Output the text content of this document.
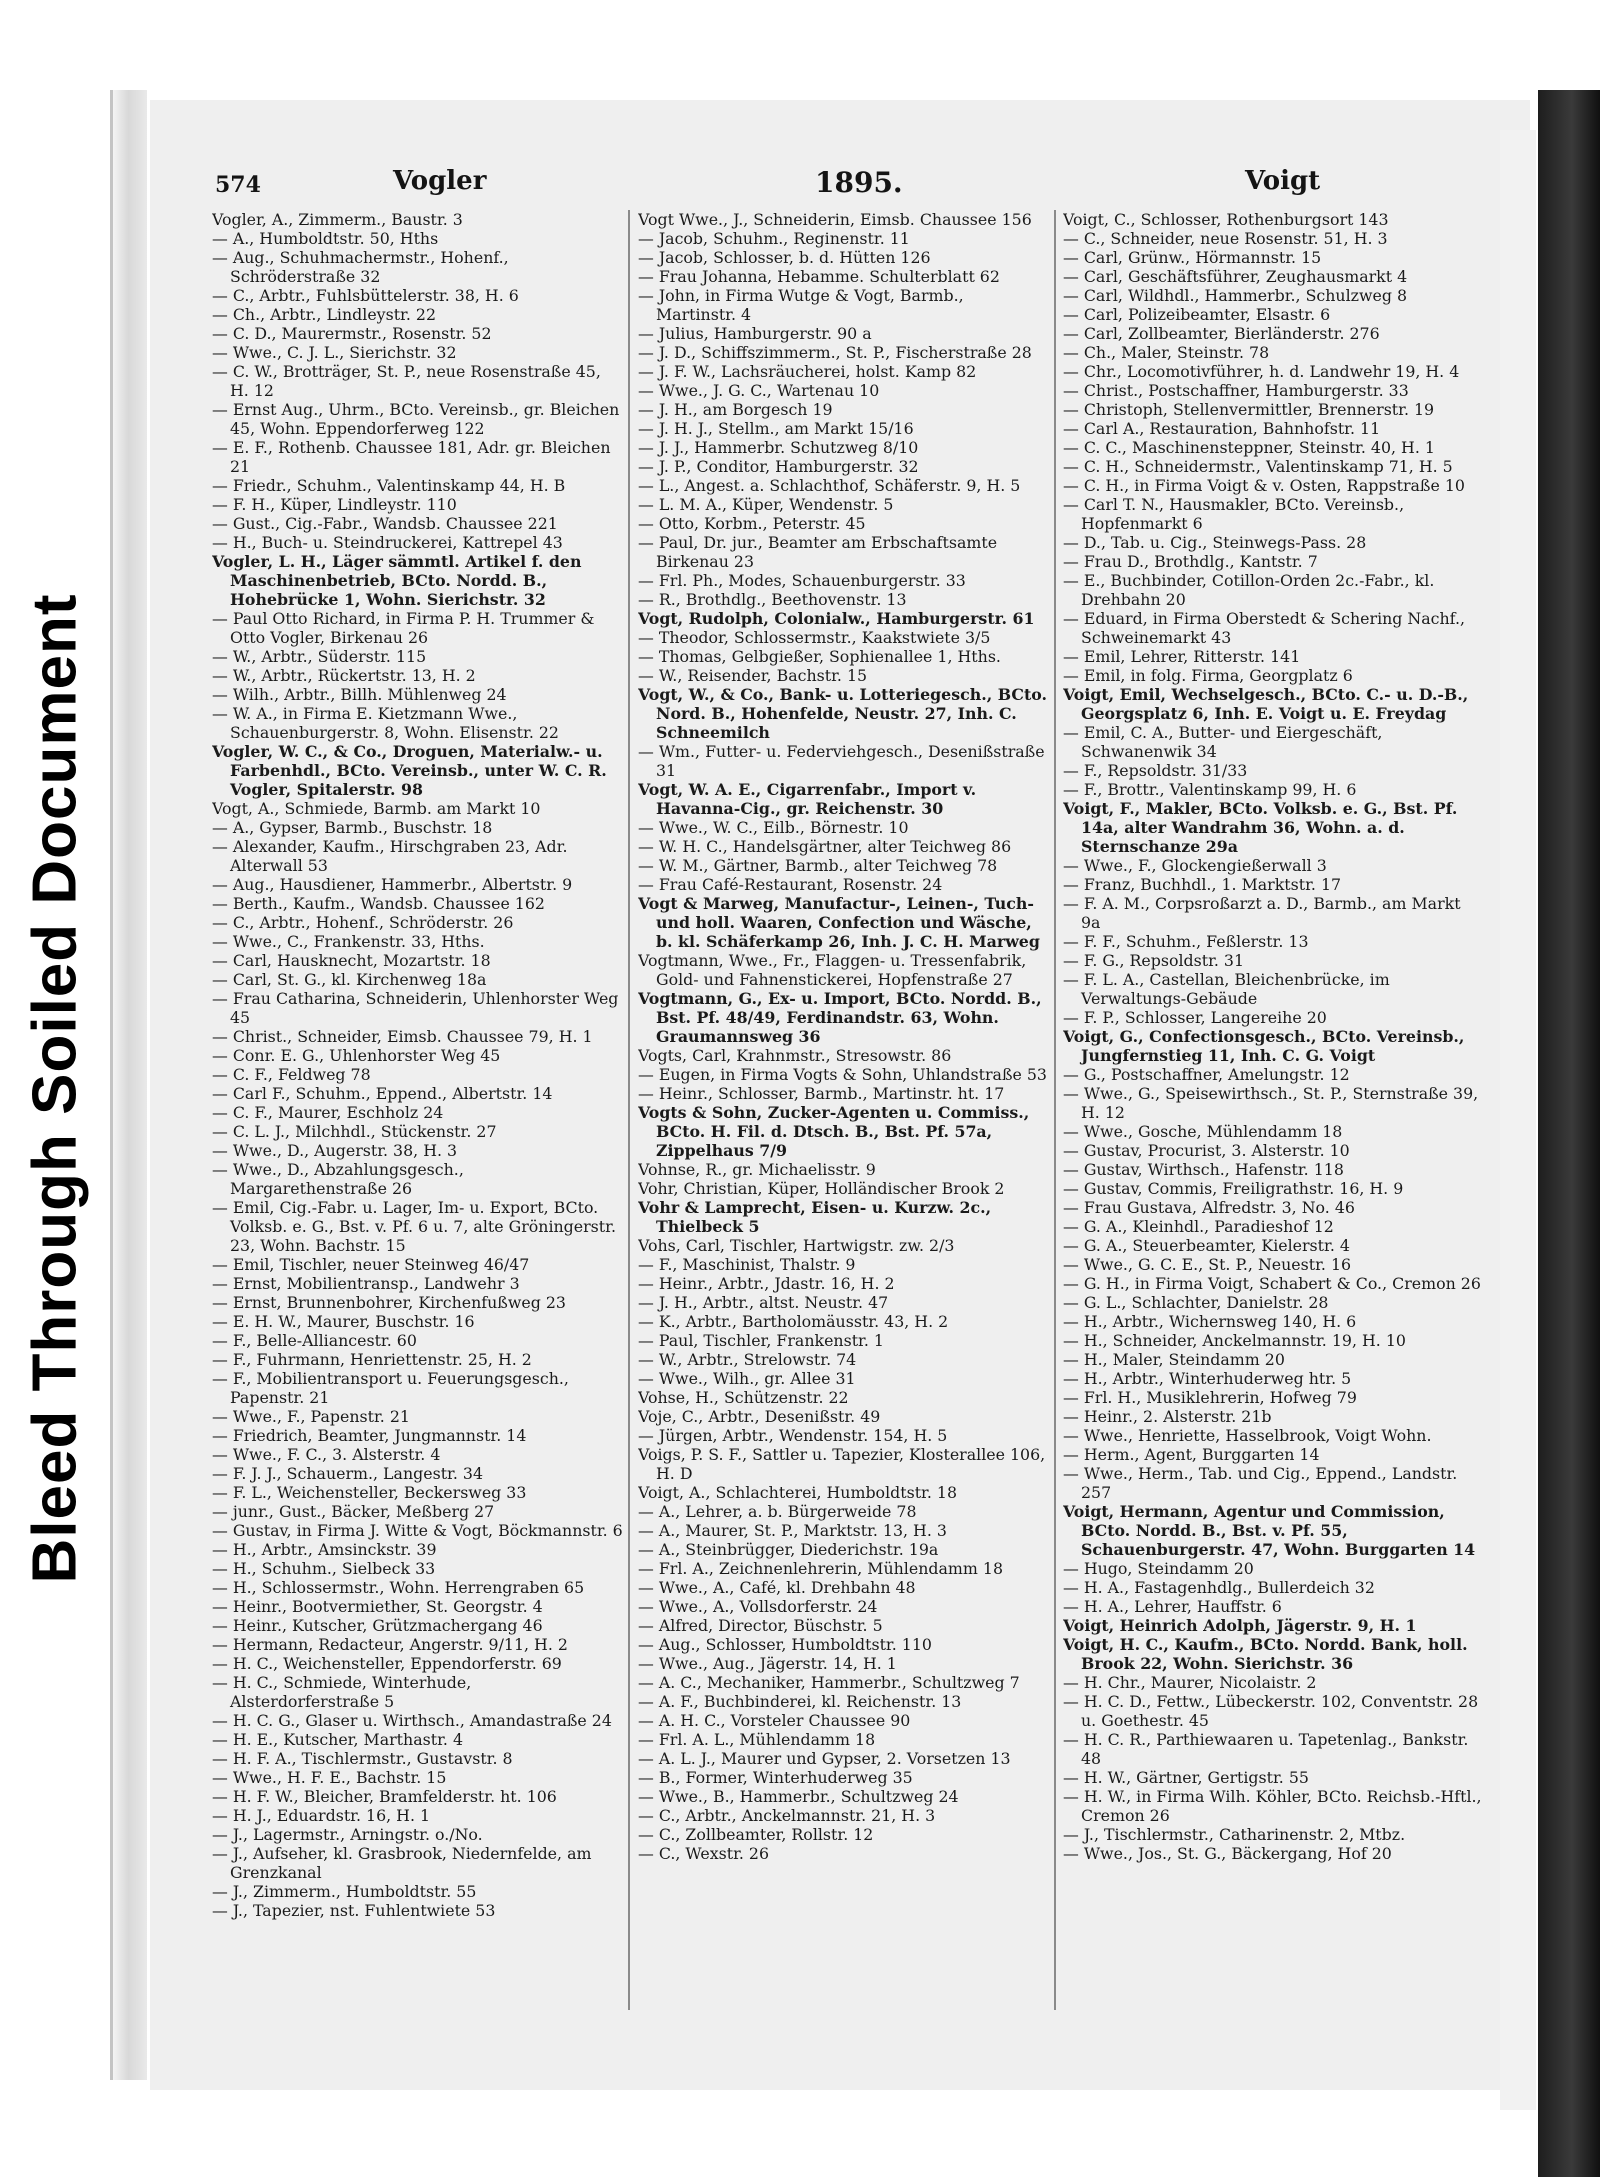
Bleed Through Soiled Document
574	Vogler	1895.	Voigt

Vogler, A., Zimmerm., Baustr. 3

— A., Humboldtstr. 50, Hths

— Aug., Schuhmachermstr., Hohenf., Schröderstraße 32

— C., Arbtr., Fuhlsbüttelerstr. 38, H. 6

— Ch., Arbtr., Lindleystr. 22

— C. D., Maurermstr., Rosenstr. 52

— Wwe., C. J. L., Sierichstr. 32

— C. W., Brotträger, St. P., neue Rosenstraße 45, H. 12

— Ernst Aug., Uhrm., BCto. Vereinsb., gr. Bleichen 45, Wohn. Eppendorferweg 122

— E. F., Rothenb. Chaussee 181, Adr. gr. Bleichen 21

— Friedr., Schuhm., Valentinskamp 44, H. B

— F. H., Küper, Lindleystr. 110

— Gust., Cig.-Fabr., Wandsb. Chaussee 221

— H., Buch- u. Steindruckerei, Kattrepel 43

Vogler, L. H., Läger sämmtl. Artikel f. den Maschinenbetrieb, BCto. Nordd. B., Hohebrücke 1, Wohn. Sierichstr. 32

— Paul Otto Richard, in Firma P. H. Trummer & Otto Vogler, Birkenau 26

— W., Arbtr., Süderstr. 115

— W., Arbtr., Rückertstr. 13, H. 2

— Wilh., Arbtr., Billh. Mühlenweg 24

— W. A., in Firma E. Kietzmann Wwe., Schauenburgerstr. 8, Wohn. Elisenstr. 22

Vogler, W. C., & Co., Droguen, Materialw.- u. Farbenhdl., BCto. Vereinsb., unter W. C. R. Vogler, Spitalerstr. 98

Vogt, A., Schmiede, Barmb. am Markt 10

— A., Gypser, Barmb., Buschstr. 18

— Alexander, Kaufm., Hirschgraben 23, Adr. Alterwall 53

— Aug., Hausdiener, Hammerbr., Albertstr. 9

— Berth., Kaufm., Wandsb. Chaussee 162

— C., Arbtr., Hohenf., Schröderstr. 26

— Wwe., C., Frankenstr. 33, Hths.

— Carl, Hausknecht, Mozartstr. 18

— Carl, St. G., kl. Kirchenweg 18a

— Frau Catharina, Schneiderin, Uhlenhorster Weg 45

— Christ., Schneider, Eimsb. Chaussee 79, H. 1

— Conr. E. G., Uhlenhorster Weg 45

— C. F., Feldweg 78

— Carl F., Schuhm., Eppend., Albertstr. 14

— C. F., Maurer, Eschholz 24

— C. L. J., Milchhdl., Stückenstr. 27

— Wwe., D., Augerstr. 38, H. 3

— Wwe., D., Abzahlungsgesch., Margarethenstraße 26

— Emil, Cig.-Fabr. u. Lager, Im- u. Export, BCto. Volksb. e. G., Bst. v. Pf. 6 u. 7, alte Gröningerstr. 23, Wohn. Bachstr. 15

— Emil, Tischler, neuer Steinweg 46/47

— Ernst, Mobilientransp., Landwehr 3

— Ernst, Brunnenbohrer, Kirchenfußweg 23

— E. H. W., Maurer, Buschstr. 16

— F., Belle-Alliancestr. 60

— F., Fuhrmann, Henriettenstr. 25, H. 2

— F., Mobilientransport u. Feuerungsgesch., Papenstr. 21

— Wwe., F., Papenstr. 21

— Friedrich, Beamter, Jungmannstr. 14

— Wwe., F. C., 3. Alsterstr. 4

— F. J. J., Schauerm., Langestr. 34

— F. L., Weichensteller, Beckersweg 33

— junr., Gust., Bäcker, Meßberg 27

— Gustav, in Firma J. Witte & Vogt, Böckmannstr. 6

— H., Arbtr., Amsinckstr. 39

— H., Schuhm., Sielbeck 33

— H., Schlossermstr., Wohn. Herrengraben 65

— Heinr., Bootvermiether, St. Georgstr. 4

— Heinr., Kutscher, Grützmachergang 46

— Hermann, Redacteur, Angerstr. 9/11, H. 2

— H. C., Weichensteller, Eppendorferstr. 69

— H. C., Schmiede, Winterhude, Alsterdorferstraße 5

— H. C. G., Glaser u. Wirthsch., Amandastraße 24

— H. E., Kutscher, Marthastr. 4

— H. F. A., Tischlermstr., Gustavstr. 8

— Wwe., H. F. E., Bachstr. 15

— H. F. W., Bleicher, Bramfelderstr. ht. 106

— H. J., Eduardstr. 16, H. 1

— J., Lagermstr., Arningstr. o./No.

— J., Aufseher, kl. Grasbrook, Niedernfelde, am Grenzkanal

— J., Zimmerm., Humboldtstr. 55

— J., Tapezier, nst. Fuhlentwiete 53

Vogt Wwe., J., Schneiderin, Eimsb. Chaussee 156

— Jacob, Schuhm., Reginenstr. 11

— Jacob, Schlosser, b. d. Hütten 126

— Frau Johanna, Hebamme. Schulterblatt 62

— John, in Firma Wutge & Vogt, Barmb., Martinstr. 4

— Julius, Hamburgerstr. 90 a

— J. D., Schiffszimmerm., St. P., Fischerstraße 28

— J. F. W., Lachsräucherei, holst. Kamp 82

— Wwe., J. G. C., Wartenau 10

— J. H., am Borgesch 19

— J. H. J., Stellm., am Markt 15/16

— J. J., Hammerbr. Schutzweg 8/10

— J. P., Conditor, Hamburgerstr. 32

— L., Angest. a. Schlachthof, Schäferstr. 9, H. 5

— L. M. A., Küper, Wendenstr. 5

— Otto, Korbm., Peterstr. 45

— Paul, Dr. jur., Beamter am Erbschaftsamte Birkenau 23

— Frl. Ph., Modes, Schauenburgerstr. 33

— R., Brothdlg., Beethovenstr. 13

Vogt, Rudolph, Colonialw., Hamburgerstr. 61

— Theodor, Schlossermstr., Kaakstwiete 3/5

— Thomas, Gelbgießer, Sophienallee 1, Hths.

— W., Reisender, Bachstr. 15

Vogt, W., & Co., Bank- u. Lotteriegesch., BCto. Nord. B., Hohenfelde, Neustr. 27, Inh. C. Schneemilch

— Wm., Futter- u. Federviehgesch., Desenißstraße 31

Vogt, W. A. E., Cigarrenfabr., Import v. Havanna-Cig., gr. Reichenstr. 30

— Wwe., W. C., Eilb., Börnestr. 10

— W. H. C., Handelsgärtner, alter Teichweg 86

— W. M., Gärtner, Barmb., alter Teichweg 78

— Frau Café-Restaurant, Rosenstr. 24

Vogt & Marweg, Manufactur-, Leinen-, Tuch- und holl. Waaren, Confection und Wäsche, b. kl. Schäferkamp 26, Inh. J. C. H. Marweg

Vogtmann, Wwe., Fr., Flaggen- u. Tressenfabrik, Gold- und Fahnenstickerei, Hopfenstraße 27

Vogtmann, G., Ex- u. Import, BCto. Nordd. B., Bst. Pf. 48/49, Ferdinandstr. 63, Wohn. Graumannsweg 36

Vogts, Carl, Krahnmstr., Stresowstr. 86

— Eugen, in Firma Vogts & Sohn, Uhlandstraße 53

— Heinr., Schlosser, Barmb., Martinstr. ht. 17

Vogts & Sohn, Zucker-Agenten u. Commiss., BCto. H. Fil. d. Dtsch. B., Bst. Pf. 57a, Zippelhaus 7/9

Vohnse, R., gr. Michaelisstr. 9

Vohr, Christian, Küper, Holländischer Brook 2

Vohr & Lamprecht, Eisen- u. Kurzw. 2c., Thielbeck 5

Vohs, Carl, Tischler, Hartwigstr. zw. 2/3

— F., Maschinist, Thalstr. 9

— Heinr., Arbtr., Jdastr. 16, H. 2

— J. H., Arbtr., altst. Neustr. 47

— K., Arbtr., Bartholomäusstr. 43, H. 2

— Paul, Tischler, Frankenstr. 1

— W., Arbtr., Strelowstr. 74

— Wwe., Wilh., gr. Allee 31

Vohse, H., Schützenstr. 22

Voje, C., Arbtr., Desenißstr. 49

— Jürgen, Arbtr., Wendenstr. 154, H. 5

Voigs, P. S. F., Sattler u. Tapezier, Klosterallee 106, H. D

Voigt, A., Schlachterei, Humboldtstr. 18

— A., Lehrer, a. b. Bürgerweide 78

— A., Maurer, St. P., Marktstr. 13, H. 3

— A., Steinbrügger, Diederichstr. 19a

— Frl. A., Zeichnenlehrerin, Mühlendamm 18

— Wwe., A., Café, kl. Drehbahn 48

— Wwe., A., Vollsdorferstr. 24

— Alfred, Director, Büschstr. 5

— Aug., Schlosser, Humboldtstr. 110

— Wwe., Aug., Jägerstr. 14, H. 1

— A. C., Mechaniker, Hammerbr., Schultzweg 7

— A. F., Buchbinderei, kl. Reichenstr. 13

— A. H. C., Vorsteler Chaussee 90

— Frl. A. L., Mühlendamm 18

— A. L. J., Maurer und Gypser, 2. Vorsetzen 13

— B., Former, Winterhuderweg 35

— Wwe., B., Hammerbr., Schultzweg 24

— C., Arbtr., Anckelmannstr. 21, H. 3

— C., Zollbeamter, Rollstr. 12

— C., Wexstr. 26

Voigt, C., Schlosser, Rothenburgsort 143

— C., Schneider, neue Rosenstr. 51, H. 3

— Carl, Grünw., Hörmannstr. 15

— Carl, Geschäftsführer, Zeughausmarkt 4

— Carl, Wildhdl., Hammerbr., Schulzweg 8

— Carl, Polizeibeamter, Elsastr. 6

— Carl, Zollbeamter, Bierländerstr. 276

— Ch., Maler, Steinstr. 78

— Chr., Locomotivführer, h. d. Landwehr 19, H. 4

— Christ., Postschaffner, Hamburgerstr. 33

— Christoph, Stellenvermittler, Brennerstr. 19

— Carl A., Restauration, Bahnhofstr. 11

— C. C., Maschinensteppner, Steinstr. 40, H. 1

— C. H., Schneidermstr., Valentinskamp 71, H. 5

— C. H., in Firma Voigt & v. Osten, Rappstraße 10

— Carl T. N., Hausmakler, BCto. Vereinsb., Hopfenmarkt 6

— D., Tab. u. Cig., Steinwegs-Pass. 28

— Frau D., Brothdlg., Kantstr. 7

— E., Buchbinder, Cotillon-Orden 2c.-Fabr., kl. Drehbahn 20

— Eduard, in Firma Oberstedt & Schering Nachf., Schweinemarkt 43

— Emil, Lehrer, Ritterstr. 141

— Emil, in folg. Firma, Georgplatz 6

Voigt, Emil, Wechselgesch., BCto. C.- u. D.-B., Georgsplatz 6, Inh. E. Voigt u. E. Freydag

— Emil, C. A., Butter- und Eiergeschäft, Schwanenwik 34

— F., Repsoldstr. 31/33

— F., Brottr., Valentinskamp 99, H. 6

Voigt, F., Makler, BCto. Volksb. e. G., Bst. Pf. 14a, alter Wandrahm 36, Wohn. a. d. Sternschanze 29a

— Wwe., F., Glockengießerwall 3

— Franz, Buchhdl., 1. Marktstr. 17

— F. A. M., Corpsroßarzt a. D., Barmb., am Markt 9a

— F. F., Schuhm., Feßlerstr. 13

— F. G., Repsoldstr. 31

— F. L. A., Castellan, Bleichenbrücke, im Verwaltungs-Gebäude

— F. P., Schlosser, Langereihe 20

Voigt, G., Confectionsgesch., BCto. Vereinsb., Jungfernstieg 11, Inh. C. G. Voigt

— G., Postschaffner, Amelungstr. 12

— Wwe., G., Speisewirthsch., St. P., Sternstraße 39, H. 12

— Wwe., Gosche, Mühlendamm 18

— Gustav, Procurist, 3. Alsterstr. 10

— Gustav, Wirthsch., Hafenstr. 118

— Gustav, Commis, Freiligrathstr. 16, H. 9

— Frau Gustava, Alfredstr. 3, No. 46

— G. A., Kleinhdl., Paradieshof 12

— G. A., Steuerbeamter, Kielerstr. 4

— Wwe., G. C. E., St. P., Neuestr. 16

— G. H., in Firma Voigt, Schabert & Co., Cremon 26

— G. L., Schlachter, Danielstr. 28

— H., Arbtr., Wichernsweg 140, H. 6

— H., Schneider, Anckelmannstr. 19, H. 10

— H., Maler, Steindamm 20

— H., Arbtr., Winterhuderweg htr. 5

— Frl. H., Musiklehrerin, Hofweg 79

— Heinr., 2. Alsterstr. 21b

— Wwe., Henriette, Hasselbrook, Voigt Wohn.

— Herm., Agent, Burggarten 14

— Wwe., Herm., Tab. und Cig., Eppend., Landstr. 257

Voigt, Hermann, Agentur und Commission, BCto. Nordd. B., Bst. v. Pf. 55, Schauenburgerstr. 47, Wohn. Burggarten 14

— Hugo, Steindamm 20

— H. A., Fastagenhdlg., Bullerdeich 32

— H. A., Lehrer, Hauffstr. 6

Voigt, Heinrich Adolph, Jägerstr. 9, H. 1

Voigt, H. C., Kaufm., BCto. Nordd. Bank, holl. Brook 22, Wohn. Sierichstr. 36

— H. Chr., Maurer, Nicolaistr. 2

— H. C. D., Fettw., Lübeckerstr. 102, Conventstr. 28 u. Goethestr. 45

— H. C. R., Parthiewaaren u. Tapetenlag., Bankstr. 48

— H. W., Gärtner, Gertigstr. 55

— H. W., in Firma Wilh. Köhler, BCto. Reichsb.-Hftl., Cremon 26

— J., Tischlermstr., Catharinenstr. 2, Mtbz.

— Wwe., Jos., St. G., Bäckergang, Hof 20
